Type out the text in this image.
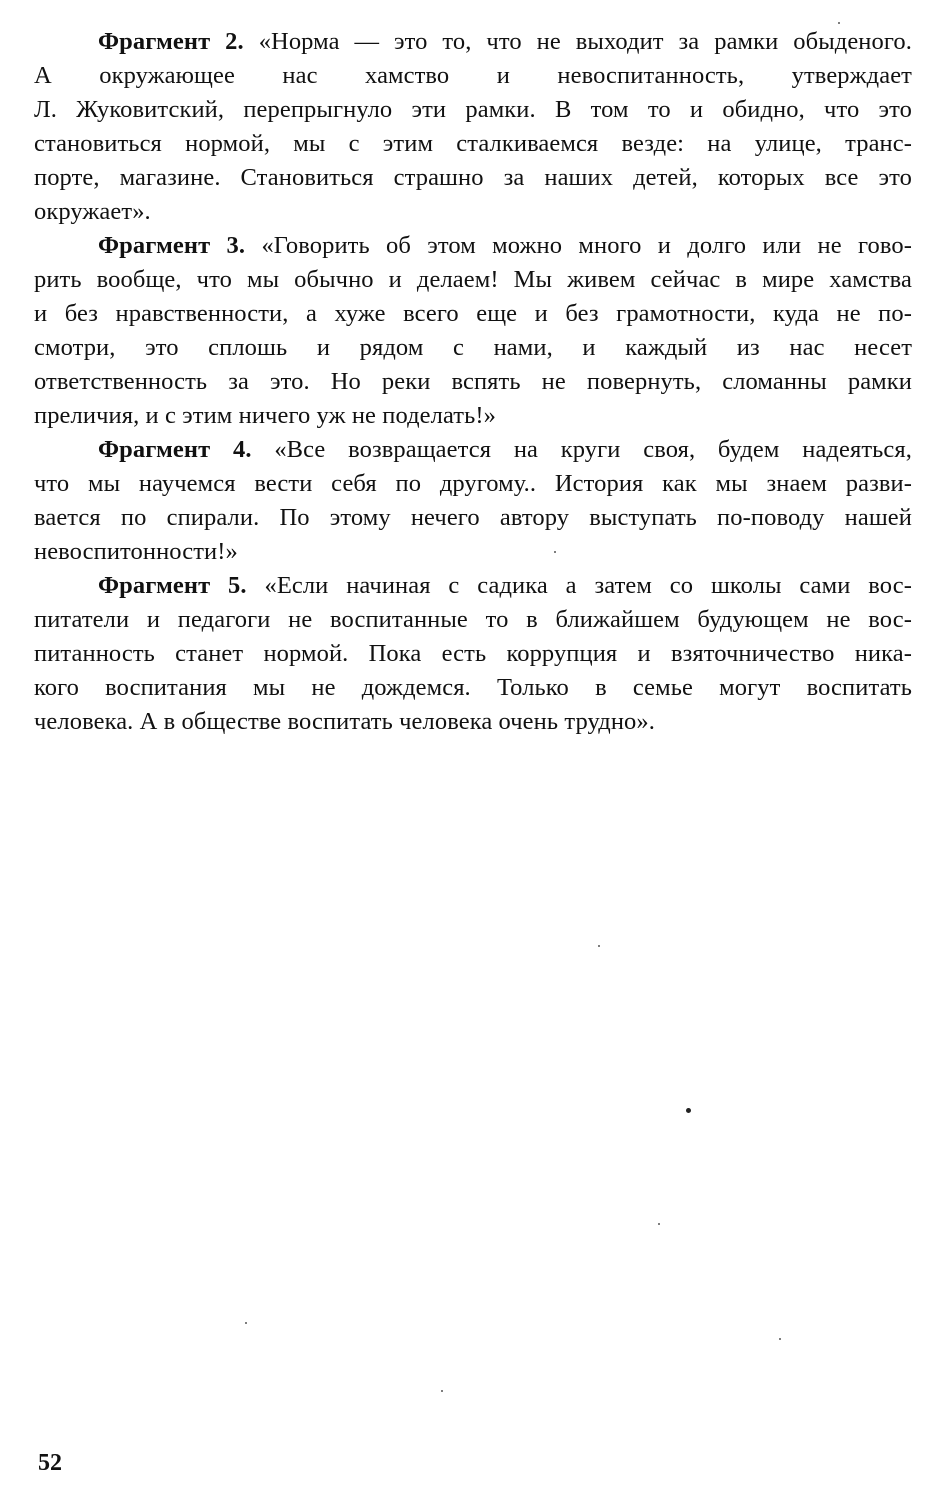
Фрагмент 2. «Норма — это то, что не выходит за рамки обыденого.
А окружающее нас хамство и невоспитанность, утверждает
Л. Жуковитский, перепрыгнуло эти рамки. В том то и обидно, что это
становиться нормой, мы с этим сталкиваемся везде: на улице, транс-
порте, магазине. Становиться страшно за наших детей, которых все это
окружает».
Фрагмент 3. «Говорить об этом можно много и долго или не гово-
рить вообще, что мы обычно и делаем! Мы живем сейчас в мире хамства
и без нравственности, а хуже всего еще и без грамотности, куда не по-
смотри, это сплошь и рядом с нами, и каждый из нас несет
ответственность за это. Но реки вспять не повернуть, сломанны рамки
преличия, и с этим ничего уж не поделать!»
Фрагмент 4. «Все возвращается на круги своя, будем надеяться,
что мы научемся вести себя по другому.. История как мы знаем разви-
вается по спирали. По этому нечего автору выступать по-поводу нашей
невоспитонности!»
Фрагмент 5. «Если начиная с садика а затем со школы сами вос-
питатели и педагоги не воспитанные то в ближайшем будующем не вос-
питанность станет нормой. Пока есть коррупция и взяточничество ника-
кого воспитания мы не дождемся. Только в семье могут воспитать
человека. А в обществе воспитать человека очень трудно».
52
